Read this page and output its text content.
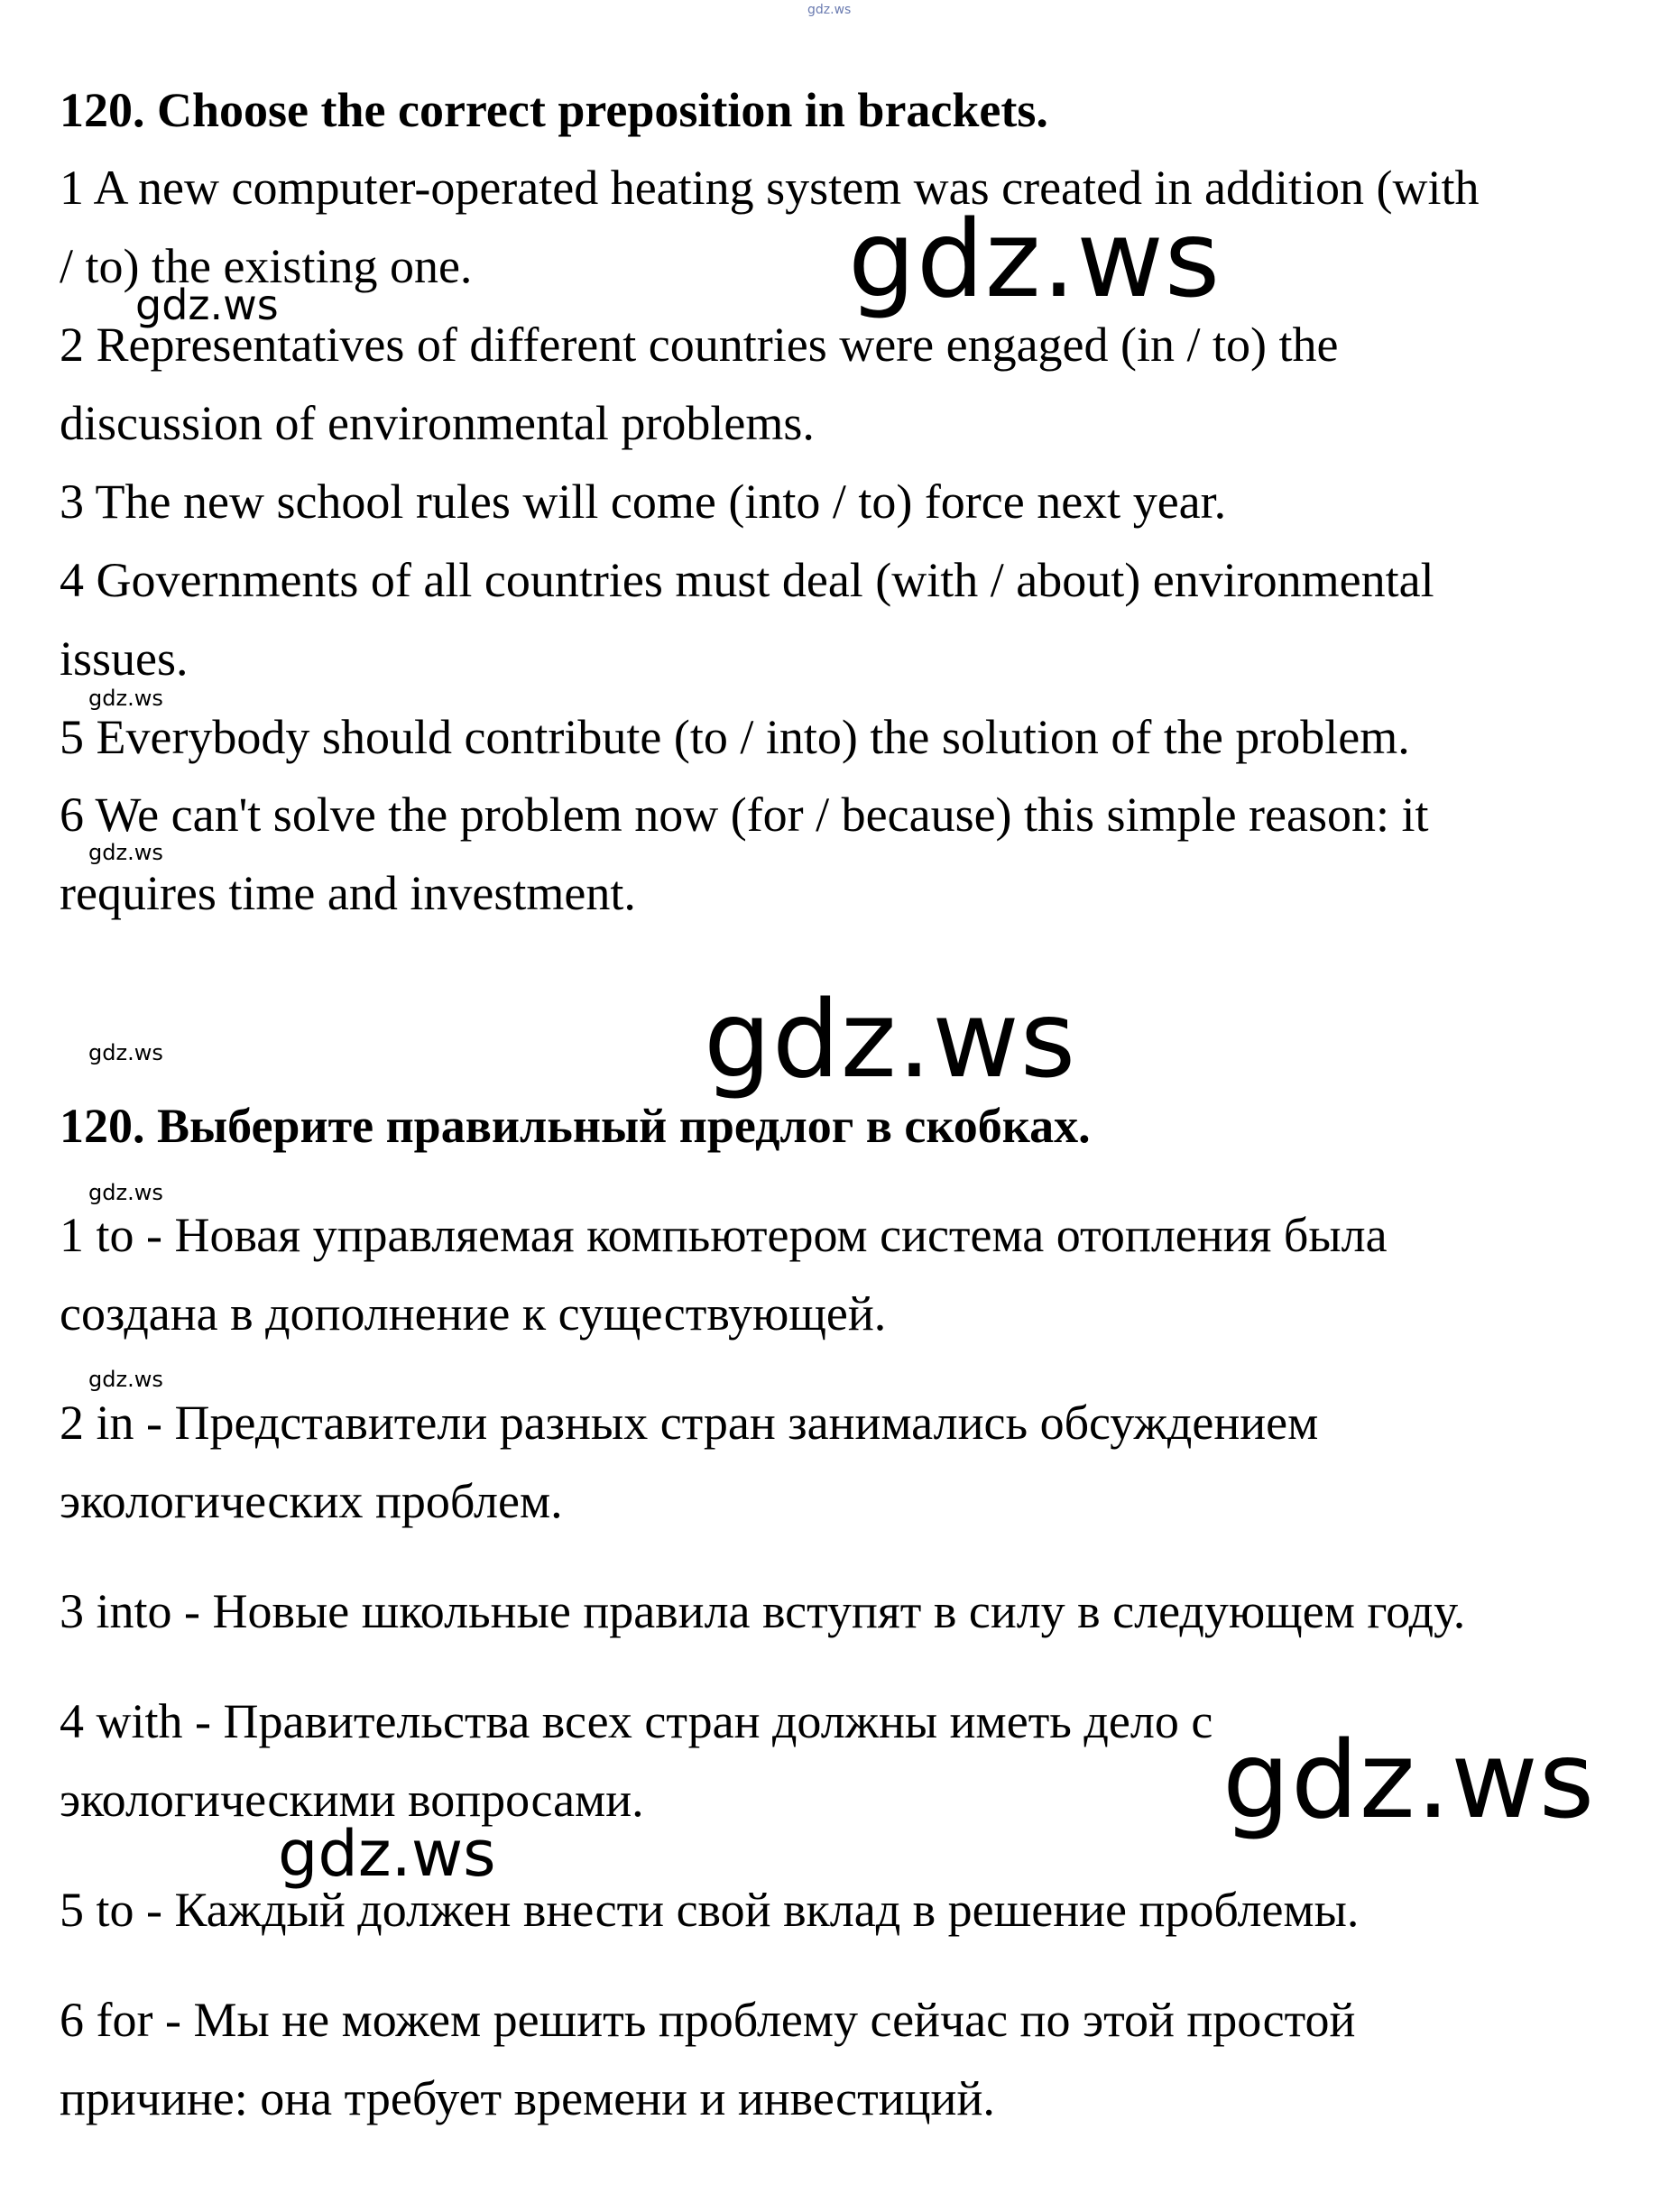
gdz.ws

120. Choose the correct preposition in brackets.

1 A new computer-operated heating system was created in addition (with

/ to) the existing one.

2 Representatives of different countries were engaged (in / to) the

discussion of environmental problems.

3 The new school rules will come (into / to) force next year.

4 Governments of all countries must deal (with / about) environmental

issues.

5 Everybody should contribute (to / into) the solution of the problem.

6 We can't solve the problem now (for / because) this simple reason: it

requires time and investment.

120. Выберите правильный предлог в скобках.

1 to - Новая управляемая компьютером система отопления была

создана в дополнение к существующей.

2 in - Представители разных стран занимались обсуждением

экологических проблем.

3 into - Новые школьные правила вступят в силу в следующем году.

4 with - Правительства всех стран должны иметь дело с

экологическими вопросами.

5 to - Каждый должен внести свой вклад в решение проблемы.

6 for - Мы не можем решить проблему сейчас по этой простой

причине: она требует времени и инвестиций.

gdz.ws
gdz.ws
gdz.ws
gdz.ws
gdz.ws	gdz.ws
gdz.ws
gdz.ws
gdz.ws
gdz.ws
